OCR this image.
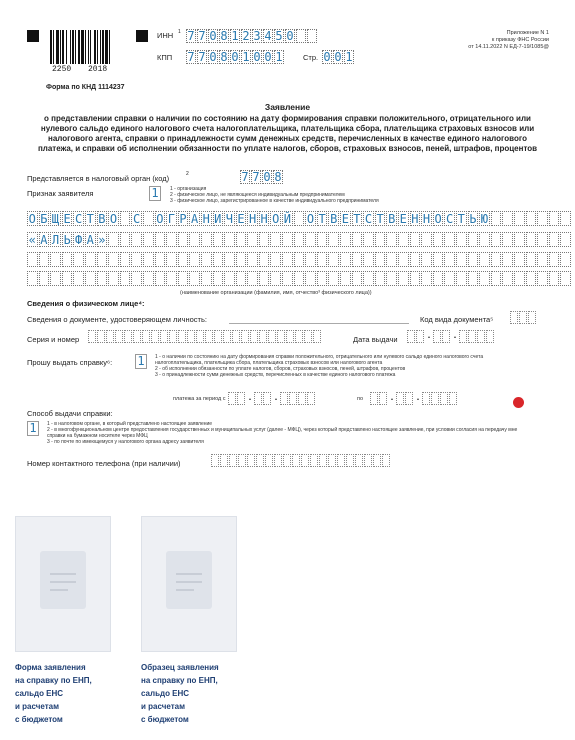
2250 2018
ИНН 1 7 7 0 8 1 2 3 4 5 0
КПП 7 7 0 8 0 1 0 0 1	Стр. 0 0 1
Приложение N 1
к приказу ФНС России
от 14.11.2022 N ЕД-7-19/1085@
Форма по КНД 1114237
Заявление
о представлении справки о наличии по состоянию на дату формирования справки положительного, отрицательного или нулевого сальдо единого налогового счета налогоплательщика, плательщика сбора, плательщика страховых взносов или налогового агента, справки о принадлежности сумм денежных средств, перечисленных в качестве единого налогового платежа, и справки об исполнении обязанности по уплате налогов, сборов, страховых взносов, пеней, штрафов, процентов
Представляется в налоговый орган (код)	2	7 7 0 8
Признак заявителя	1	1 - организация
2 - физическое лицо, не являющееся индивидуальным предпринимателем
3 - физическое лицо, зарегистрированное в качестве индивидуального предпринимателя
О Б Щ Е С Т В О С О Г Р А Н И Ч Е Н Н О Й О Т В Е Т С Т В Е Н Н О С Т Ь Ю
« А Л Ь Ф А »
(наименование организации (фамилия, имя, отчество³ физического лица))
Сведения о физическом лице⁴:
Сведения о документе, удостоверяющем личность:	Код вида документа⁵
Серия и номер	Дата выдачи	.	.
Прошу выдать справку⁶: 1	1 - о наличии по состоянию на дату формирования справки положительного, отрицательного или нулевого сальдо единого налогового счета налогоплательщика, плательщика сбора, плательщика страховых взносов или налогового агента
2 - об исполнении обязанности по уплате налогов, сборов, страховых взносов, пеней, штрафов, процентов
3 - о принадлежности сумм денежных средств, перечисленных в качестве единого налогового платежа
платежа за период с	.	.	по	.	.
Способ выдачи справки:
1	1 - в налоговом органе, в который представлено настоящее заявление
2 - в многофункциональном центре предоставления государственных и муниципальных услуг (далее - МФЦ), через который представлено настоящее заявление, при условии согласия на передачу мне справки на бумажном носителе через МФЦ
3 - по почте по имеющемуся у налогового органа адресу заявителя
Номер контактного телефона (при наличии)
Форма заявления
на справку по ЕНП,
сальдо ЕНС
и расчетам
с бюджетом
Образец заявления
на справку по ЕНП,
сальдо ЕНС
и расчетам
с бюджетом
